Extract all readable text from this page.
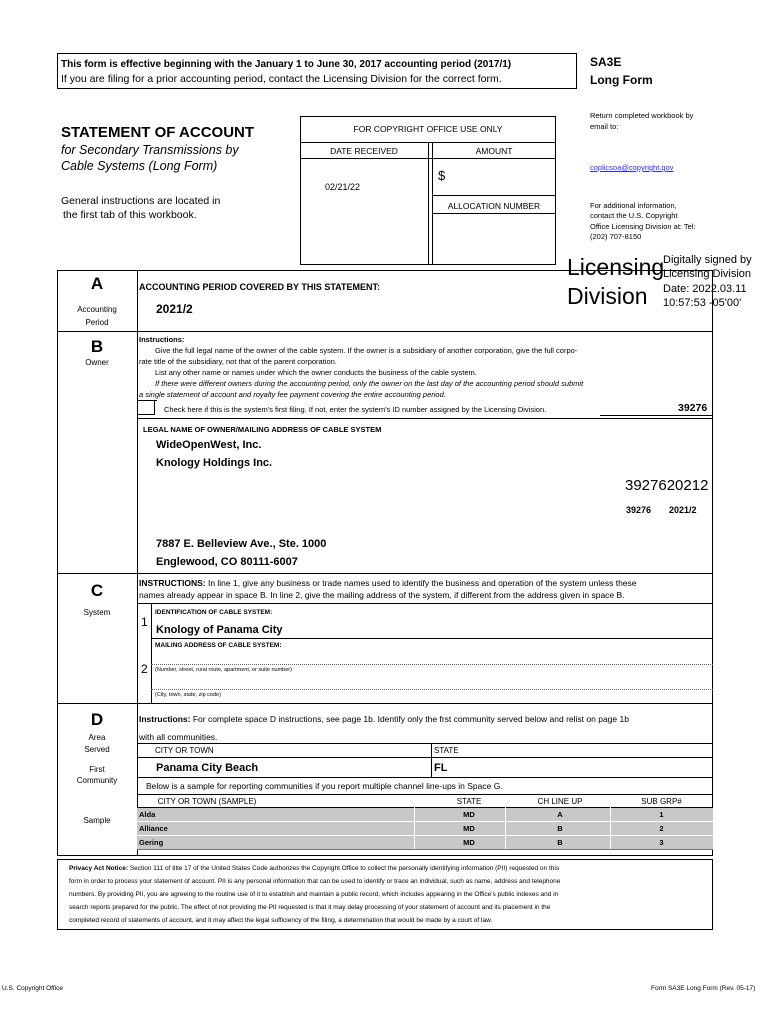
This form is effective beginning with the January 1 to June 30, 2017 accounting period (2017/1)
If you are filing for a prior accounting period, contact the Licensing Division for the correct form.
SA3E
Long Form
STATEMENT OF ACCOUNT
for Secondary Transmissions by
Cable Systems (Long Form)
General instructions are located in
the first tab of this workbook.
FOR COPYRIGHT OFFICE USE ONLY
DATE RECEIVED	AMOUNT
02/21/22
$
ALLOCATION NUMBER
Return completed workbook by
email to:
coplicsoa@copyright.gov
For additional information,
contact the U.S. Copyright
Office Licensing Division at: Tel:
(202) 707-8150
Licensing
Division
Digitally signed by
Licensing Division
Date: 2022.03.11
10:57:53 -05'00'
A
Accounting
Period
ACCOUNTING PERIOD COVERED BY THIS STATEMENT:
2021/2
B
Owner
Instructions:
Give the full legal name of the owner of the cable system. If the owner is a subsidiary of another corporation, give the full corpo-
rate title of the subsidiary, not that of the parent corporation.
List any other name or names under which the owner conducts the business of the cable system.
If there were different owners during the accounting period, only the owner on the last day of the accounting period should submit
a single statement of account and royalty fee payment covering the entire accounting period.
Check here if this is the system's first filing. If not, enter the system's ID number assigned by the Licensing Division.	39276
LEGAL NAME OF OWNER/MAILING ADDRESS OF CABLE SYSTEM
WideOpenWest, Inc.
Knology Holdings Inc.
3927620212
39276 2021/2
7887 E. Belleview Ave., Ste. 1000
Englewood, CO 80111-6007
C
System
INSTRUCTIONS: In line 1, give any business or trade names used to identify the business and operation of the system unless these
names already appear in space B. In line 2, give the mailing address of the system, if different from the address given in space B.
1
IDENTIFICATION OF CABLE SYSTEM:
Knology of Panama City
MAILING ADDRESS OF CABLE SYSTEM:
2 (Number, street, rural route, apartment, or suite number)
(City, town, state, zip code)
D
Area
Served
First
Community
Sample
Instructions: For complete space D instructions, see page 1b. Identify only the frst community served below and relist on page 1b
with all communities.
CITY OR TOWN	STATE
Panama City Beach	FL
Below is a sample for reporting communities if you report multiple channel line-ups in Space G.
CITY OR TOWN (SAMPLE)	STATE	CH LINE UP	SUB GRP#
Alda	MD	A	1
Alliance	MD	B	2
Gering	MD	B	3
Privacy Act Notice: Section 111 of title 17 of the United States Code authorizes the Copyright Office to collect the personally identifying information (PII) requested on this
form in order to process your statement of account. PII is any personal information that can be used to identify or trace an individual, such as name, address and telephone
numbers. By providing PII, you are agreeing to the routine use of it to establish and maintain a public record, which includes appearing in the Office's public indexes and in
search reports prepared for the public. The effect of not providing the PII requested is that it may delay processing of your statement of account and its placement in the
completed record of statements of account, and it may affect the legal sufficiency of the filing, a determination that would be made by a court of law.
U.S. Copyright Office	Form SA3E Long Form (Rev. 05-17)
